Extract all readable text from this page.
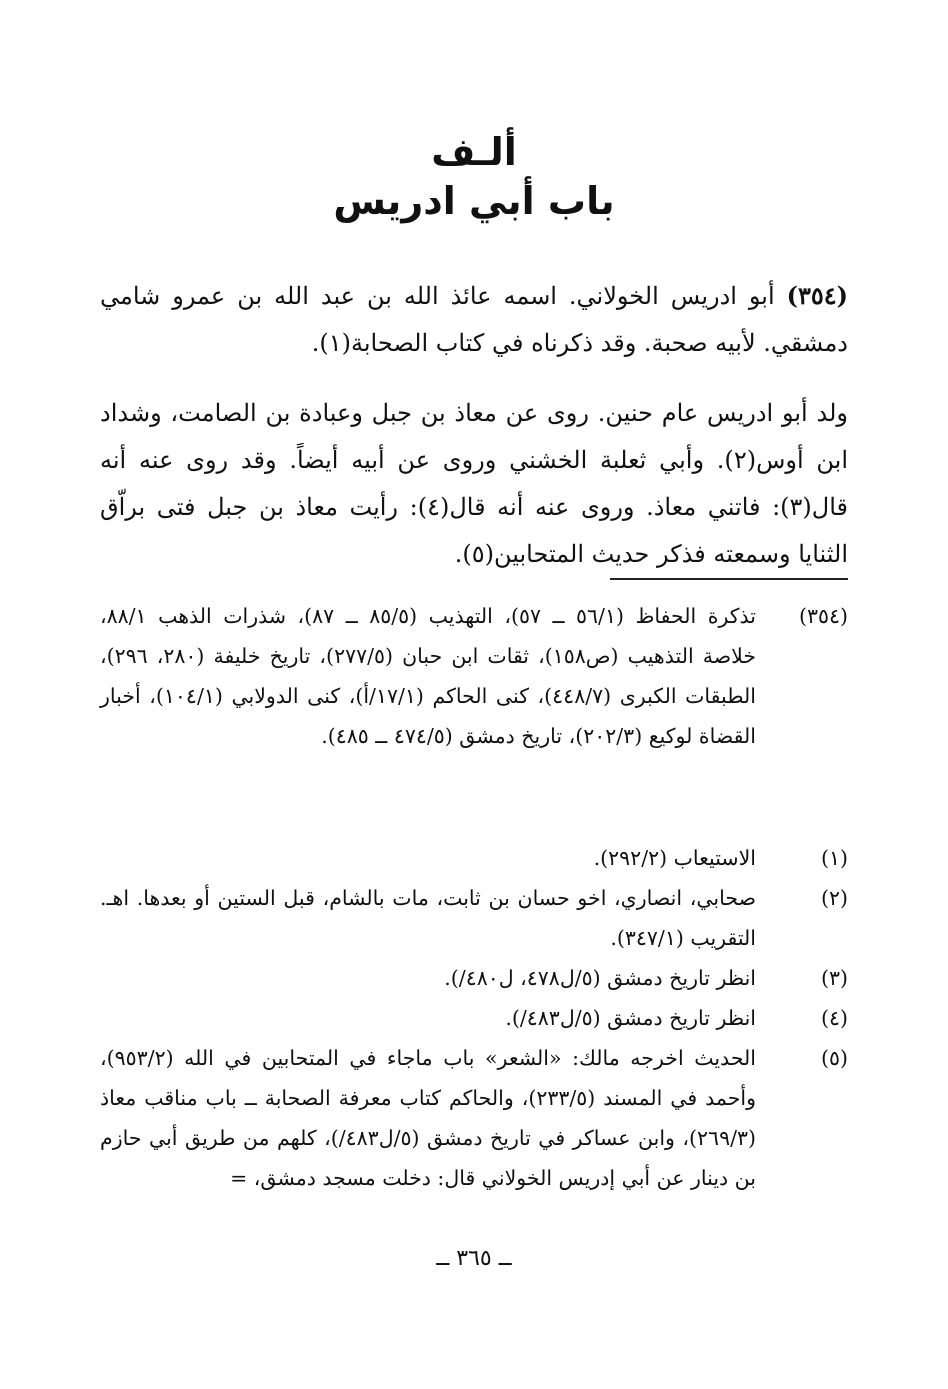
ألـف
باب أبي ادريس

(٣٥٤) أبو ادريس الخولاني. اسمه عائذ الله بن عبد الله بن عمرو شامي دمشقي. لأبيه صحبة. وقد ذكرناه في كتاب الصحابة(١).

ولد أبو ادريس عام حنين. روى عن معاذ بن جبل وعبادة بن الصامت، وشداد ابن أوس(٢). وأبي ثعلبة الخشني وروى عن أبيه أيضاً. وقد روى عنه أنه قال(٣): فاتني معاذ. وروى عنه أنه قال(٤): رأيت معاذ بن جبل فتى براّق الثنايا وسمعته فذكر حديث المتحابين(٥).

(٣٥٤)
تذكرة الحفاظ (٥٦/١ ــ ٥٧)، التهذيب (٨٥/٥ ــ ٨٧)، شذرات الذهب ٨٨/١، خلاصة التذهيب (ص١٥٨)، ثقات ابن حبان (٢٧٧/٥)، تاريخ خليفة (٢٨٠، ٢٩٦)، الطبقات الكبرى (٤٤٨/٧)، كنى الحاكم (١٧/١/أ)، كنى الدولابي (١٠٤/١)، أخبار القضاة لوكيع (٢٠٢/٣)، تاريخ دمشق (٤٧٤/٥ ــ ٤٨٥).
(١)
الاستيعاب (٢٩٢/٢).
(٢)
صحابي، انصاري، اخو حسان بن ثابت، مات بالشام، قبل الستين أو بعدها. اهـ. التقريب (٣٤٧/١).
(٣)
انظر تاريخ دمشق (٥/ل٤٧٨، ل٤٨٠/).
(٤)
انظر تاريخ دمشق (٥/ل٤٨٣/).
(٥)
الحديث اخرجه مالك: «الشعر» باب ماجاء في المتحابين في الله (٩٥٣/٢)، وأحمد في المسند (٢٣٣/٥)، والحاكم كتاب معرفة الصحابة ــ باب مناقب معاذ (٢٦٩/٣)، وابن عساكر في تاريخ دمشق (٥/ل٤٨٣/)، كلهم من طريق أبي حازم بن دينار عن أبي إدريس الخولاني قال: دخلت مسجد دمشق، =
ــ ٣٦٥ ــ
